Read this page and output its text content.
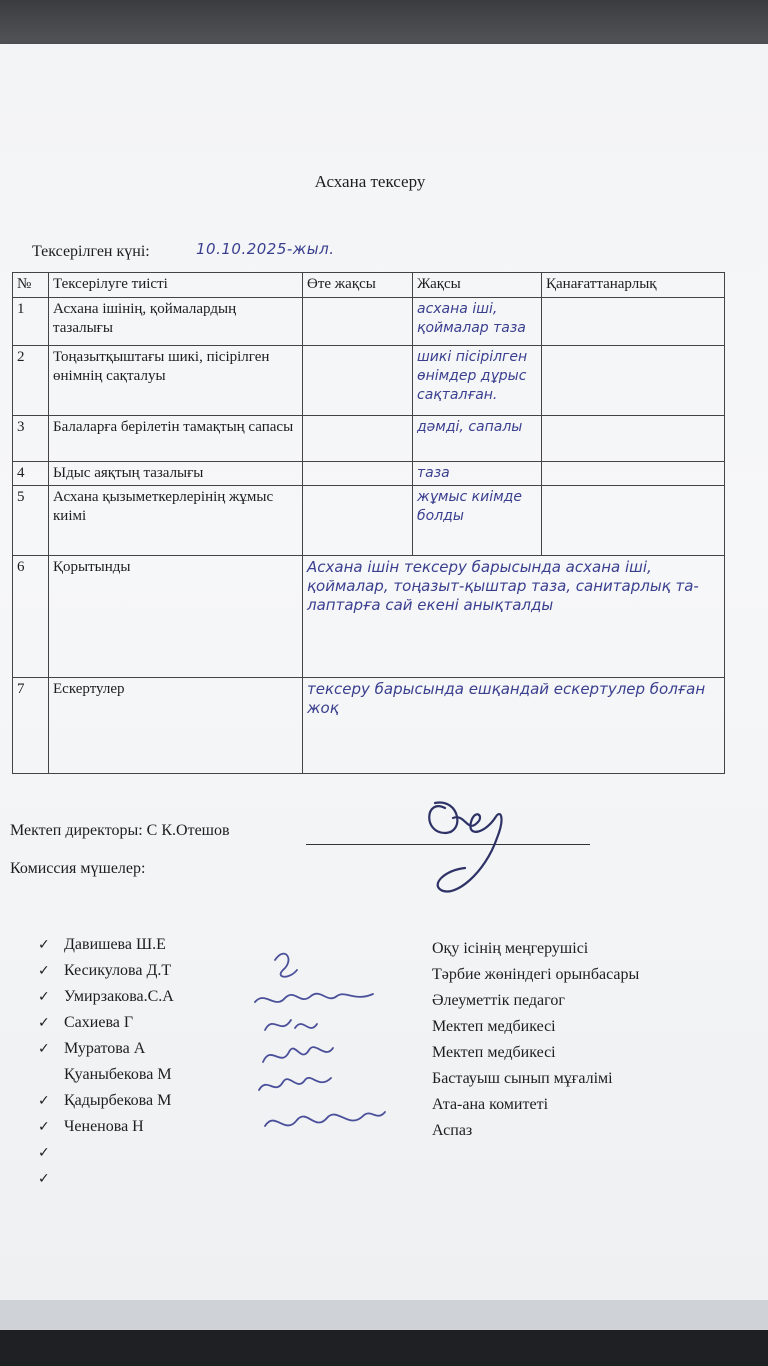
Асхана тексеру
Тексерілген күні:	10.10.2025-жыл.
№	Тексерілуге тиісті	Өте жақсы	Жақсы	Қанағаттанарлық
1	Асхана ішінің, қоймалардың тазалығы		асхана іші, қоймалар таза	
2	Тоңазытқыштағы шикі, пісірілген өнімнің сақталуы		шикі пісірілген өнімдер дұрыс сақталған.	
3	Балаларға берілетін тамақтың сапасы		дәмді, сапалы	
4	Ыдыс аяқтың тазалығы		таза	
5	Асхана қызыметкерлерінің жұмыс киімі		жұмыс киімде болды	
6	Қорытынды	Асхана ішін тексеру барысында асхана іші, қоймалар, тоңазыт-қыштар таза, санитарлық та-лаптарға сай екені анықталды		
7	Ескертулер	тексеру барысында ешқандай ескертулер болған жоқ		
Мектеп директоры: С К.Отешов
Комиссия мүшелер:
✓ Давишева Ш.Е
✓ Кесикулова Д.Т
✓ Умирзакова.С.А
✓ Сахиева Г
✓ Муратова А
Қуаныбекова М
✓ Қадырбекова М
✓ Чененова Н
✓
✓
Оқу ісінің меңгерушісі
Тәрбие жөніндегі орынбасары
Әлеуметтік педагог
Мектеп медбикесі
Мектеп медбикесі
Бастауыш сынып мұғалімі
Ата-ана комитеті
Аспаз
